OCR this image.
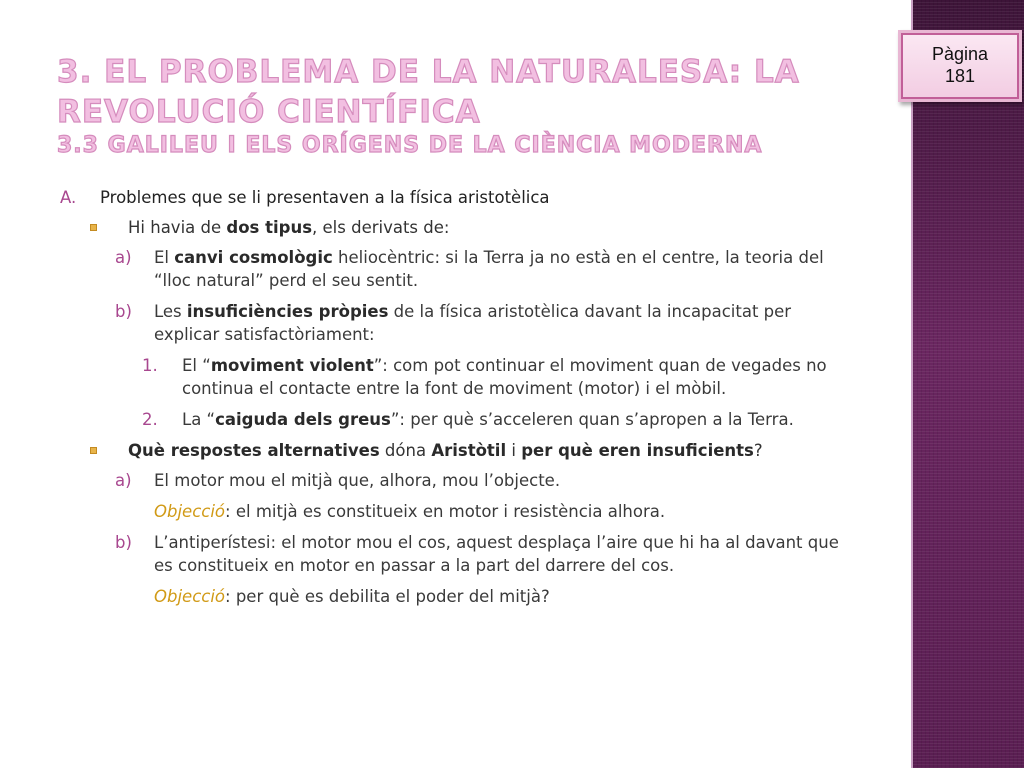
Pàgina
181
3. EL PROBLEMA DE LA NATURALESA: LA REVOLUCIÓ CIENTÍFICA
3.3 GALILEU I ELS ORÍGENS DE LA CIÈNCIA MODERNA
A. Problemes que se li presentaven a la física aristotèlica
Hi havia de dos tipus, els derivats de:
a) El canvi cosmològic heliocèntric: si la Terra ja no està en el centre, la teoria del “lloc natural” perd el seu sentit.
b) Les insuficiències pròpies de la física aristotèlica davant la incapacitat per explicar satisfactòriament:
1. El “moviment violent”: com pot continuar el moviment quan de vegades no continua el contacte entre la font de moviment (motor) i el mòbil.
2. La “caiguda dels greus”: per què s’acceleren quan s’apropen a la Terra.
Què respostes alternatives dóna Aristòtil i per què eren insuficients?
a) El motor mou el mitjà que, alhora, mou l’objecte.
Objecció: el mitjà es constitueix en motor i resistència alhora.
b) L’antiperístesi: el motor mou el cos, aquest desplaça l’aire que hi ha al davant que es constitueix en motor en passar a la part del darrere del cos.
Objecció: per què es debilita el poder del mitjà?
